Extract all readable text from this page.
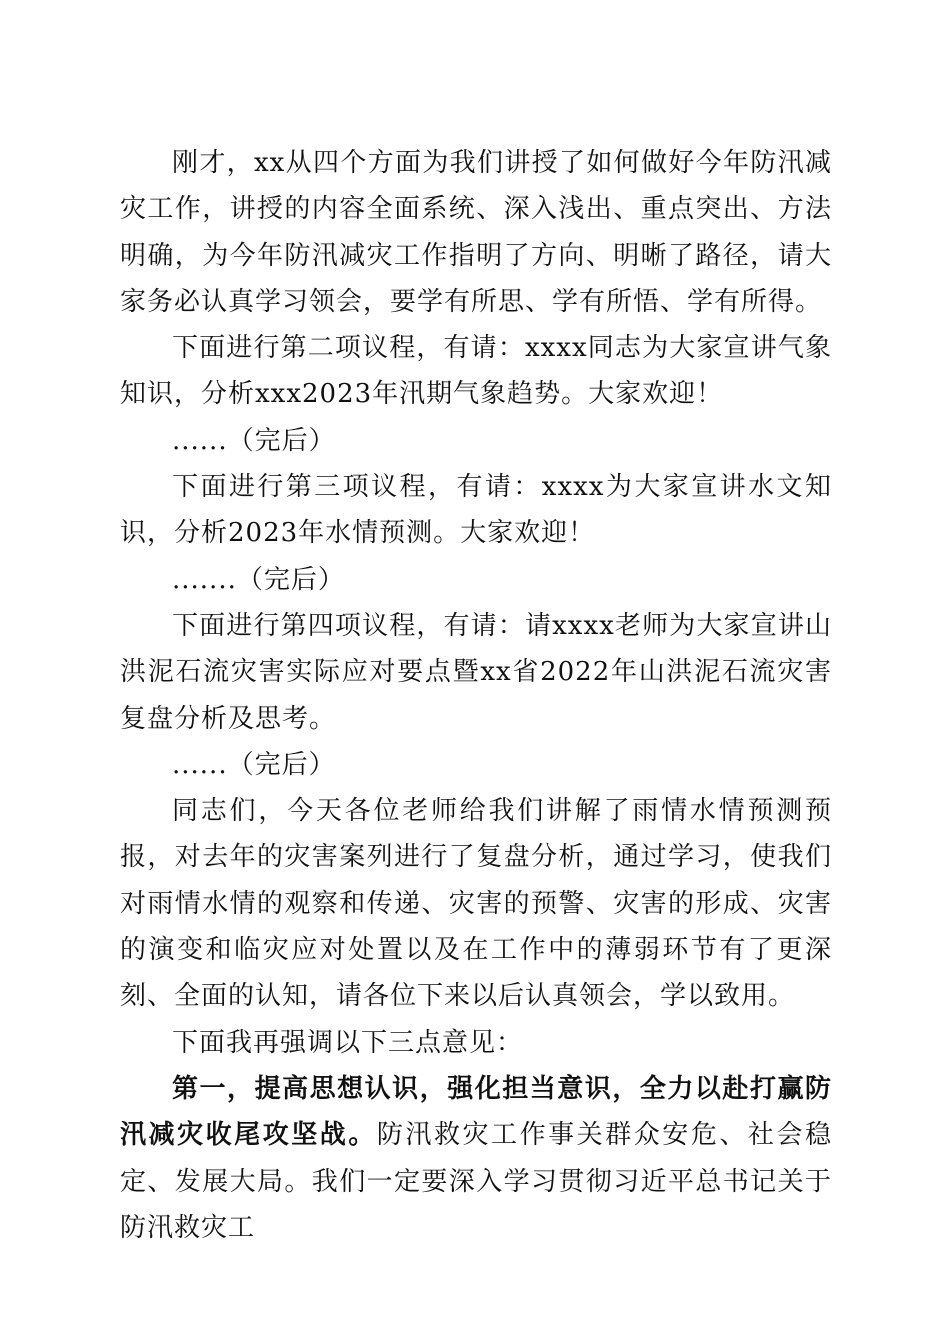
刚才，xx从四个方面为我们讲授了如何做好今年防汛减灾工作，讲授的内容全面系统、深入浅出、重点突出、方法明确，为今年防汛减灾工作指明了方向、明晰了路径，请大家务必认真学习领会，要学有所思、学有所悟、学有所得。

下面进行第二项议程，有请：xxxx同志为大家宣讲气象知识，分析xxx2023年汛期气象趋势。大家欢迎！

......（完后）

下面进行第三项议程，有请：xxxx为大家宣讲水文知识，分析2023年水情预测。大家欢迎！

.......（完后）

下面进行第四项议程，有请：请xxxx老师为大家宣讲山洪泥石流灾害实际应对要点暨xx省2022年山洪泥石流灾害复盘分析及思考。

......（完后）

同志们，今天各位老师给我们讲解了雨情水情预测预报，对去年的灾害案列进行了复盘分析，通过学习，使我们对雨情水情的观察和传递、灾害的预警、灾害的形成、灾害的演变和临灾应对处置以及在工作中的薄弱环节有了更深刻、全面的认知，请各位下来以后认真领会，学以致用。

下面我再强调以下三点意见：

第一，提高思想认识，强化担当意识，全力以赴打赢防汛减灾收尾攻坚战。防汛救灾工作事关群众安危、社会稳定、发展大局。我们一定要深入学习贯彻习近平总书记关于防汛救灾工
